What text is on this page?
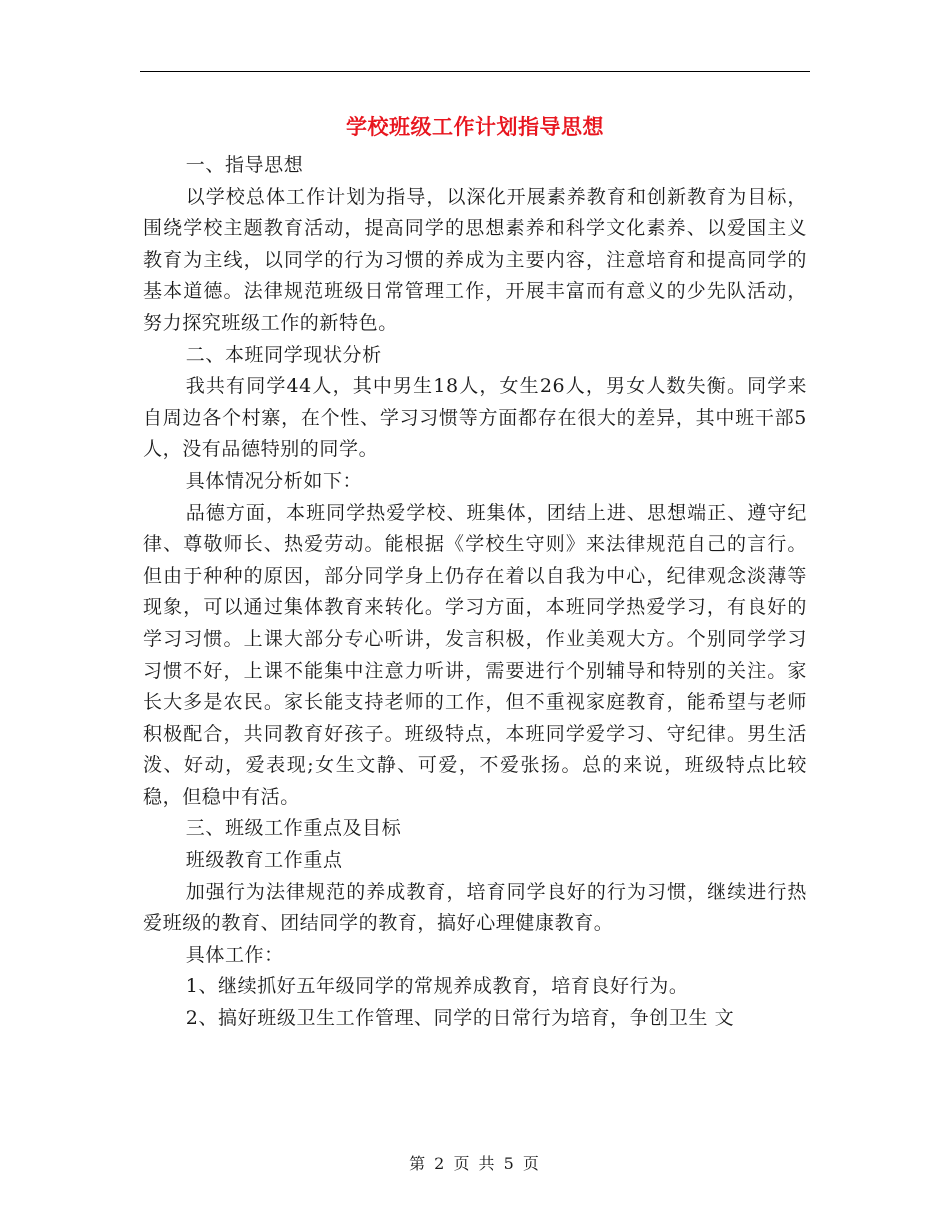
学校班级工作计划指导思想

一、指导思想

以学校总体工作计划为指导，以深化开展素养教育和创新教育为目标，围绕学校主题教育活动，提高同学的思想素养和科学文化素养、以爱国主义教育为主线，以同学的行为习惯的养成为主要内容，注意培育和提高同学的基本道德。法律规范班级日常管理工作，开展丰富而有意义的少先队活动，努力探究班级工作的新特色。

二、本班同学现状分析

我共有同学44人，其中男生18人，女生26人，男女人数失衡。同学来自周边各个村寨，在个性、学习习惯等方面都存在很大的差异，其中班干部5人，没有品德特别的同学。

具体情况分析如下：

品德方面，本班同学热爱学校、班集体，团结上进、思想端正、遵守纪律、尊敬师长、热爱劳动。能根据《学校生守则》来法律规范自己的言行。但由于种种的原因，部分同学身上仍存在着以自我为中心，纪律观念淡薄等现象，可以通过集体教育来转化。学习方面，本班同学热爱学习，有良好的学习习惯。上课大部分专心听讲，发言积极，作业美观大方。个别同学学习习惯不好，上课不能集中注意力听讲，需要进行个别辅导和特别的关注。家长大多是农民。家长能支持老师的工作，但不重视家庭教育，能希望与老师积极配合，共同教育好孩子。班级特点，本班同学爱学习、守纪律。男生活泼、好动，爱表现;女生文静、可爱，不爱张扬。总的来说，班级特点比较稳，但稳中有活。

三、班级工作重点及目标

班级教育工作重点

加强行为法律规范的养成教育，培育同学良好的行为习惯，继续进行热爱班级的教育、团结同学的教育，搞好心理健康教育。

具体工作：

1、继续抓好五年级同学的常规养成教育，培育良好行为。

2、搞好班级卫生工作管理、同学的日常行为培育，争创卫生 文

第 2 页 共 5 页
